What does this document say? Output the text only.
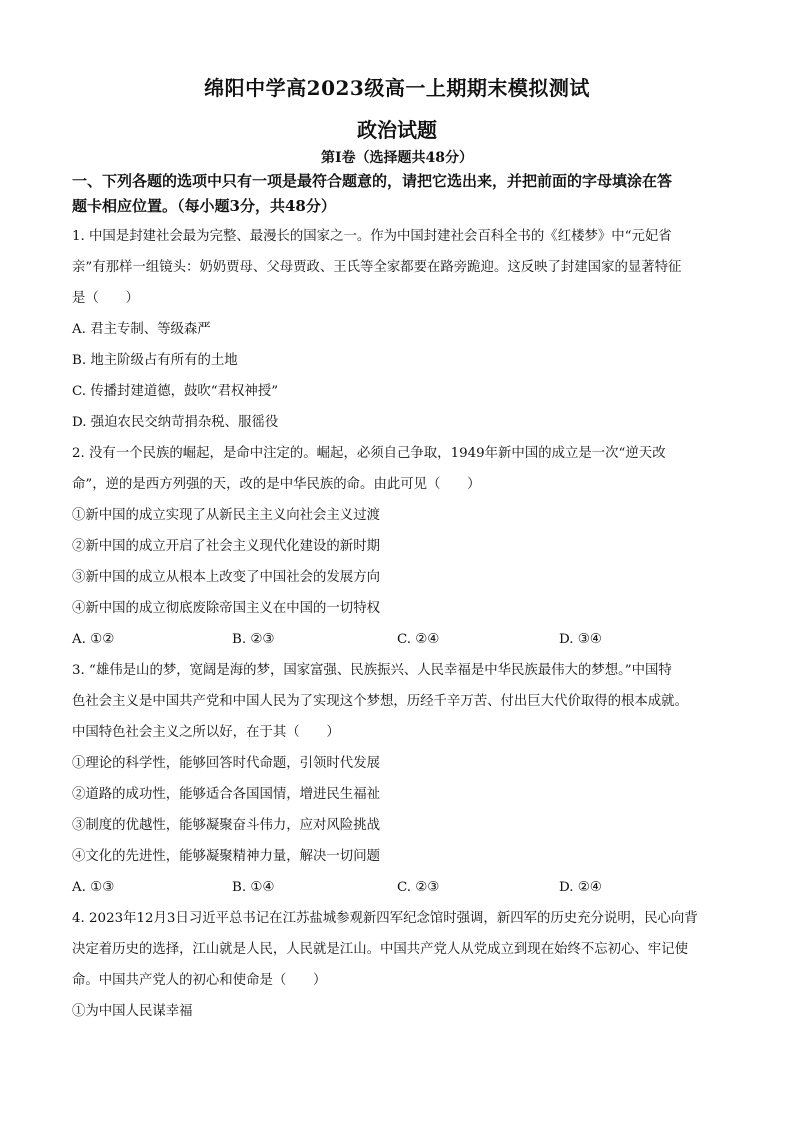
绵阳中学高2023级高一上期期末模拟测试
政治试题
第Ⅰ卷（选择题共48分）
一、下列各题的选项中只有一项是最符合题意的，请把它选出来，并把前面的字母填涂在答
题卡相应位置。（每小题3分，共48分）
1. 中国是封建社会最为完整、最漫长的国家之一。作为中国封建社会百科全书的《红楼梦》中“元妃省
亲”有那样一组镜头：奶奶贾母、父母贾政、王氏等全家都要在路旁跪迎。这反映了封建国家的显著特征
是（　　）
A. 君主专制、等级森严
B. 地主阶级占有所有的土地
C. 传播封建道德，鼓吹“君权神授”
D. 强迫农民交纳苛捐杂税、服徭役
2. 没有一个民族的崛起，是命中注定的。崛起，必须自己争取，1949年新中国的成立是一次“逆天改
命”，逆的是西方列强的天，改的是中华民族的命。由此可见（　　）
①新中国的成立实现了从新民主主义向社会主义过渡
②新中国的成立开启了社会主义现代化建设的新时期
③新中国的成立从根本上改变了中国社会的发展方向
④新中国的成立彻底废除帝国主义在中国的一切特权
A. ①②	B. ②③	C. ②④	D. ③④
3. “雄伟是山的梦，宽阔是海的梦，国家富强、民族振兴、人民幸福是中华民族最伟大的梦想。”中国特
色社会主义是中国共产党和中国人民为了实现这个梦想，历经千辛万苦、付出巨大代价取得的根本成就。
中国特色社会主义之所以好，在于其（　　）
①理论的科学性，能够回答时代命题，引领时代发展
②道路的成功性，能够适合各国国情，增进民生福祉
③制度的优越性，能够凝聚奋斗伟力，应对风险挑战
④文化的先进性，能够凝聚精神力量，解决一切问题
A. ①③	B. ①④	C. ②③	D. ②④
4. 2023年12月3日习近平总书记在江苏盐城参观新四军纪念馆时强调，新四军的历史充分说明，民心向背
决定着历史的选择，江山就是人民，人民就是江山。中国共产党人从党成立到现在始终不忘初心、牢记使
命。中国共产党人的初心和使命是（　　）
①为中国人民谋幸福
